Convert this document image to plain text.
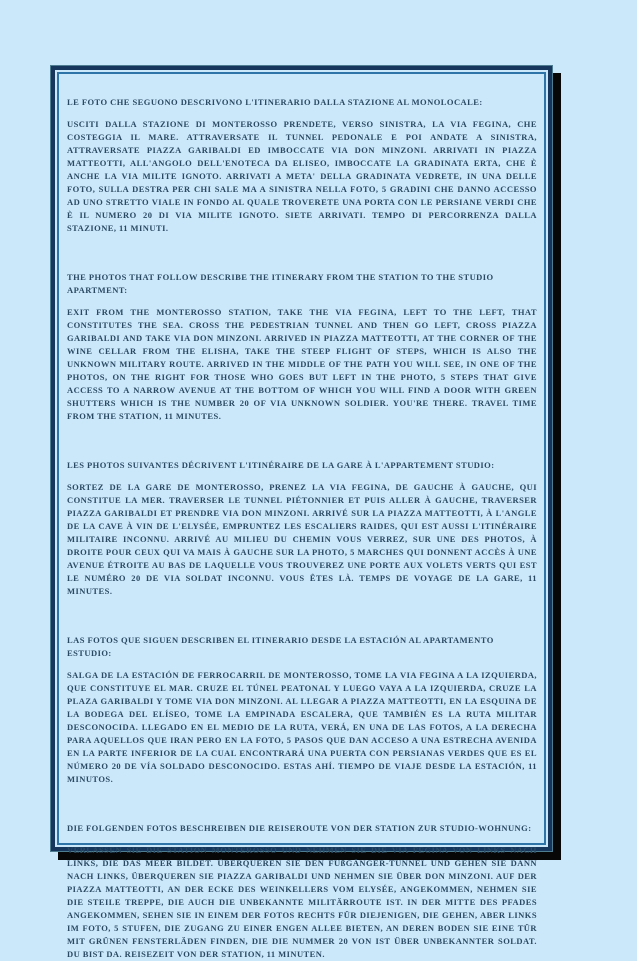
LE FOTO CHE SEGUONO DESCRIVONO L'ITINERARIO DALLA STAZIONE AL MONOLOCALE:

USCITI DALLA STAZIONE DI MONTEROSSO PRENDETE, VERSO SINISTRA, LA VIA FEGINA, CHE COSTEGGIA IL MARE. ATTRAVERSATE IL TUNNEL PEDONALE E POI ANDATE A SINISTRA, ATTRAVERSATE PIAZZA GARIBALDI ED IMBOCCATE VIA DON MINZONI. ARRIVATI IN PIAZZA MATTEOTTI, ALL'ANGOLO DELL'ENOTECA DA ELISEO, IMBOCCATE LA GRADINATA ERTA, CHE È ANCHE LA VIA MILITE IGNOTO. ARRIVATI A META' DELLA GRADINATA VEDRETE, IN UNA DELLE FOTO, SULLA DESTRA PER CHI SALE MA A SINISTRA NELLA FOTO, 5 GRADINI CHE DANNO ACCESSO AD UNO STRETTO VIALE IN FONDO AL QUALE TROVERETE UNA PORTA CON LE PERSIANE VERDI CHE È IL NUMERO 20 DI VIA MILITE IGNOTO. SIETE ARRIVATI. TEMPO DI PERCORRENZA DALLA STAZIONE, 11 MINUTI.

THE PHOTOS THAT FOLLOW DESCRIBE THE ITINERARY FROM THE STATION TO THE STUDIO APARTMENT:

EXIT FROM THE MONTEROSSO STATION, TAKE THE VIA FEGINA, LEFT TO THE LEFT, THAT CONSTITUTES THE SEA. CROSS THE PEDESTRIAN TUNNEL AND THEN GO LEFT, CROSS PIAZZA GARIBALDI AND TAKE VIA DON MINZONI. ARRIVED IN PIAZZA MATTEOTTI, AT THE CORNER OF THE WINE CELLAR FROM THE ELISHA, TAKE THE STEEP FLIGHT OF STEPS, WHICH IS ALSO THE UNKNOWN MILITARY ROUTE. ARRIVED IN THE MIDDLE OF THE PATH YOU WILL SEE, IN ONE OF THE PHOTOS, ON THE RIGHT FOR THOSE WHO GOES BUT LEFT IN THE PHOTO, 5 STEPS THAT GIVE ACCESS TO A NARROW AVENUE AT THE BOTTOM OF WHICH YOU WILL FIND A DOOR WITH GREEN SHUTTERS WHICH IS THE NUMBER 20 OF VIA UNKNOWN SOLDIER. YOU'RE THERE. TRAVEL TIME FROM THE STATION, 11 MINUTES.

LES PHOTOS SUIVANTES DÉCRIVENT L'ITINÉRAIRE DE LA GARE À L'APPARTEMENT STUDIO:

SORTEZ DE LA GARE DE MONTEROSSO, PRENEZ LA VIA FEGINA, DE GAUCHE À GAUCHE, QUI CONSTITUE LA MER. TRAVERSER LE TUNNEL PIÉTONNIER ET PUIS ALLER À GAUCHE, TRAVERSER PIAZZA GARIBALDI ET PRENDRE VIA DON MINZONI. ARRIVÉ SUR LA PIAZZA MATTEOTTI, À L'ANGLE DE LA CAVE À VIN DE L'ELYSÉE, EMPRUNTEZ LES ESCALIERS RAIDES, QUI EST AUSSI L'ITINÉRAIRE MILITAIRE INCONNU. ARRIVÉ AU MILIEU DU CHEMIN VOUS VERREZ, SUR UNE DES PHOTOS, À DROITE POUR CEUX QUI VA MAIS À GAUCHE SUR LA PHOTO, 5 MARCHES QUI DONNENT ACCÈS À UNE AVENUE ÉTROITE AU BAS DE LAQUELLE VOUS TROUVEREZ UNE PORTE AUX VOLETS VERTS QUI EST LE NUMÉRO 20 DE VIA SOLDAT INCONNU. VOUS ÊTES LÀ. TEMPS DE VOYAGE DE LA GARE, 11 MINUTES.

LAS FOTOS QUE SIGUEN DESCRIBEN EL ITINERARIO DESDE LA ESTACIÓN AL APARTAMENTO ESTUDIO:

SALGA DE LA ESTACIÓN DE FERROCARRIL DE MONTEROSSO, TOME LA VIA FEGINA A LA IZQUIERDA, QUE CONSTITUYE EL MAR. CRUZE EL TÚNEL PEATONAL Y LUEGO VAYA A LA IZQUIERDA, CRUZE LA PLAZA GARIBALDI Y TOME VIA DON MINZONI. AL LLEGAR A PIAZZA MATTEOTTI, EN LA ESQUINA DE LA BODEGA DEL ELÍSEO, TOME LA EMPINADA ESCALERA, QUE TAMBIÉN ES LA RUTA MILITAR DESCONOCIDA. LLEGADO EN EL MEDIO DE LA RUTA, VERÁ, EN UNA DE LAS FOTOS, A LA DERECHA PARA AQUELLOS QUE IRAN PERO EN LA FOTO, 5 PASOS QUE DAN ACCESO A UNA ESTRECHA AVENIDA EN LA PARTE INFERIOR DE LA CUAL ENCONTRARÁ UNA PUERTA CON PERSIANAS VERDES QUE ES EL NÚMERO 20 DE VÍA SOLDADO DESCONOCIDO. ESTAS AHÍ. TIEMPO DE VIAJE DESDE LA ESTACIÓN, 11 MINUTOS.

DIE FOLGENDEN FOTOS BESCHREIBEN DIE REISEROUTE VON DER STATION ZUR STUDIO-WOHNUNG:

VERLASSEN SIE DIE STATION MONTEROSSO UND NEHMEN SIE DIE VIA FEGINA VON LINKS NACH LINKS, DIE DAS MEER BILDET. ÜBERQUEREN SIE DEN FUßGÄNGER-TUNNEL UND GEHEN SIE DANN NACH LINKS, ÜBERQUEREN SIE PIAZZA GARIBALDI UND NEHMEN SIE ÜBER DON MINZONI. AUF DER PIAZZA MATTEOTTI, AN DER ECKE DES WEINKELLERS VOM ELYSÉE, ANGEKOMMEN, NEHMEN SIE DIE STEILE TREPPE, DIE AUCH DIE UNBEKANNTE MILITÄRROUTE IST. IN DER MITTE DES PFADES ANGEKOMMEN, SEHEN SIE IN EINEM DER FOTOS RECHTS FÜR DIEJENIGEN, DIE GEHEN, ABER LINKS IM FOTO, 5 STUFEN, DIE ZUGANG ZU EINER ENGEN ALLEE BIETEN, AN DEREN BODEN SIE EINE TÜR MIT GRÜNEN FENSTERLÄDEN FINDEN, DIE DIE NUMMER 20 VON IST ÜBER UNBEKANNTER SOLDAT. DU BIST DA. REISEZEIT VON DER STATION, 11 MINUTEN.
